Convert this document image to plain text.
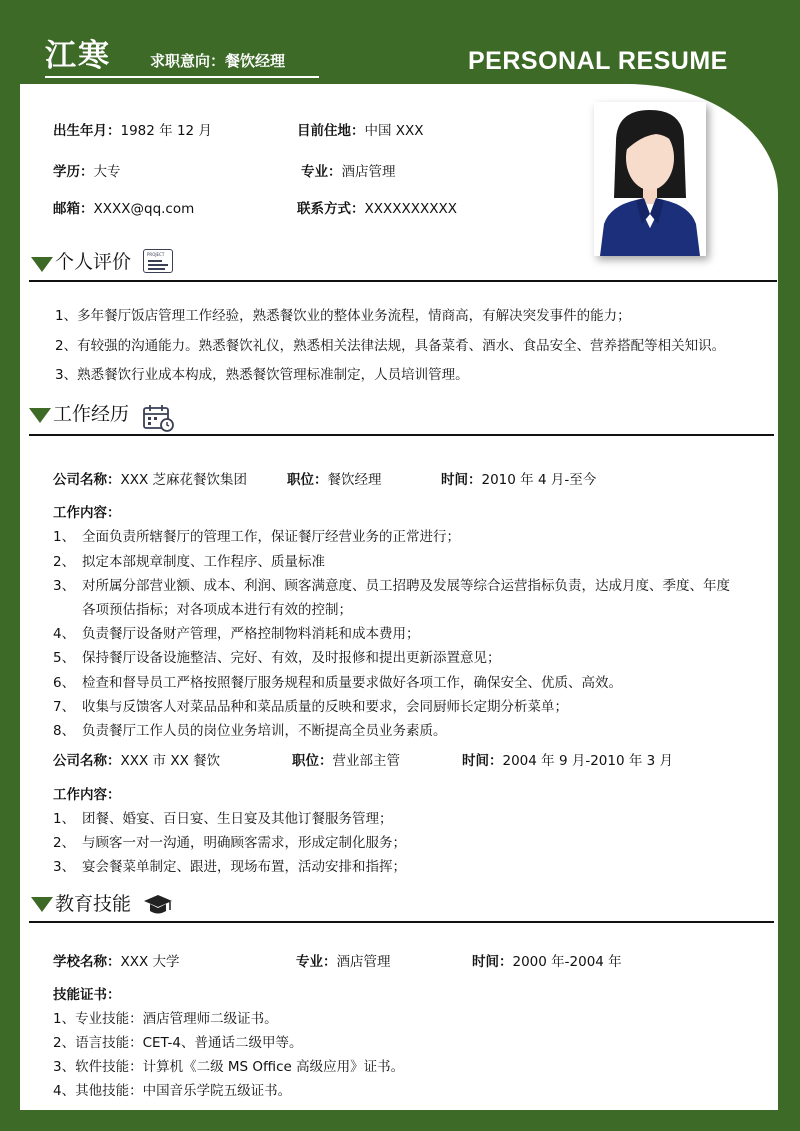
江寒	求职意向：餐饮经理	PERSONAL RESUME
出生年月：1982 年 12 月	目前住地：中国 XXX
学历：大专	专业：酒店管理
邮箱：XXXX@qq.com	联系方式：XXXXXXXXXX
个人评价	PROJECT
1、多年餐厅饭店管理工作经验，熟悉餐饮业的整体业务流程，情商高，有解决突发事件的能力；
2、有较强的沟通能力。熟悉餐饮礼仪，熟悉相关法律法规，具备菜肴、酒水、食品安全、营养搭配等相关知识。
3、熟悉餐饮行业成本构成，熟悉餐饮管理标准制定，人员培训管理。
工作经历
公司名称：XXX 芝麻花餐饮集团	职位：餐饮经理	时间：2010 年 4 月-至今
工作内容：
1、 全面负责所辖餐厅的管理工作，保证餐厅经营业务的正常进行；
2、 拟定本部规章制度、工作程序、质量标准
3、 对所属分部营业额、成本、利润、顾客满意度、员工招聘及发展等综合运营指标负责，达成月度、季度、年度
各项预估指标；对各项成本进行有效的控制；
4、 负责餐厅设备财产管理，严格控制物料消耗和成本费用；
5、 保持餐厅设备设施整洁、完好、有效，及时报修和提出更新添置意见；
6、 检查和督导员工严格按照餐厅服务规程和质量要求做好各项工作，确保安全、优质、高效。
7、 收集与反馈客人对菜品品种和菜品质量的反映和要求，会同厨师长定期分析菜单；
8、 负责餐厅工作人员的岗位业务培训，不断提高全员业务素质。
公司名称：XXX 市 XX 餐饮	职位：营业部主管	时间：2004 年 9 月-2010 年 3 月
工作内容：
1、 团餐、婚宴、百日宴、生日宴及其他订餐服务管理；
2、 与顾客一对一沟通，明确顾客需求，形成定制化服务；
3、 宴会餐菜单制定、跟进，现场布置，活动安排和指挥；
教育技能
学校名称：XXX 大学	专业：酒店管理	时间：2000 年-2004 年
技能证书：
1、专业技能：酒店管理师二级证书。
2、语言技能：CET-4、普通话二级甲等。
3、软件技能：计算机《二级 MS Office 高级应用》证书。
4、其他技能：中国音乐学院五级证书。
